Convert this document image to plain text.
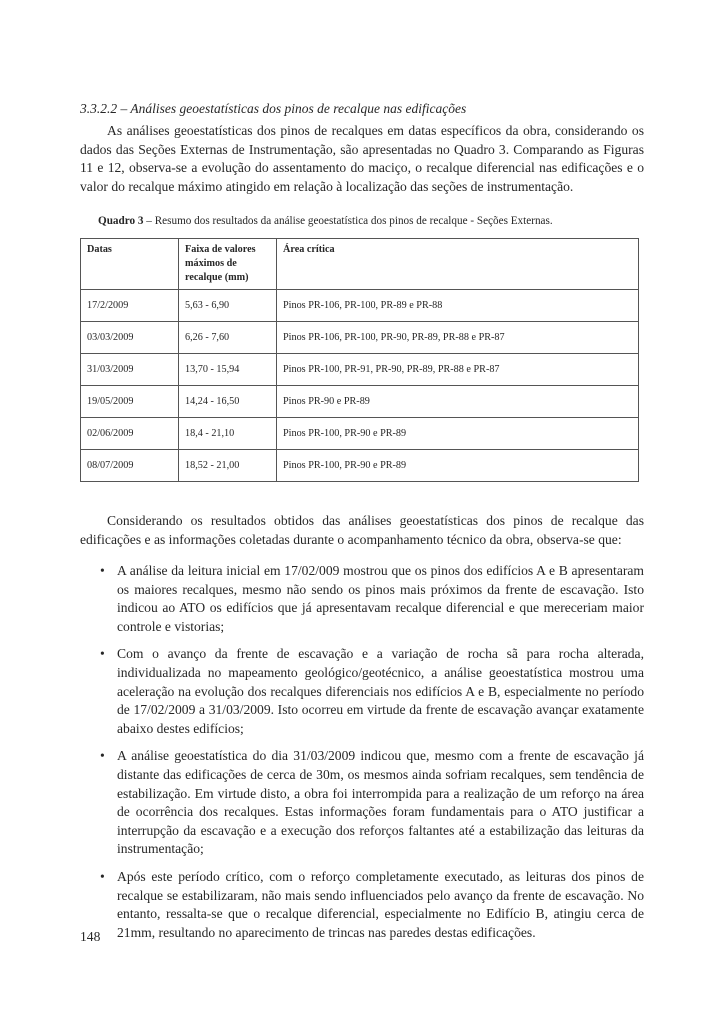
3.3.2.2 – Análises geoestatísticas dos pinos de recalque nas edificações

As análises geoestatísticas dos pinos de recalques em datas específicos da obra, considerando os dados das Seções Externas de Instrumentação, são apresentadas no Quadro 3. Comparando as Figuras 11 e 12, observa-se a evolução do assentamento do maciço, o recalque diferencial nas edificações e o valor do recalque máximo atingido em relação à localização das seções de instrumentação.

Quadro 3 – Resumo dos resultados da análise geoestatística dos pinos de recalque - Seções Externas.

Datas	Faixa de valores máximos de recalque (mm)	Área crítica
17/2/2009	5,63 - 6,90	Pinos PR-106, PR-100, PR-89 e PR-88
03/03/2009	6,26 - 7,60	Pinos PR-106, PR-100, PR-90, PR-89, PR-88 e PR-87
31/03/2009	13,70 - 15,94	Pinos PR-100, PR-91, PR-90, PR-89, PR-88 e PR-87
19/05/2009	14,24 - 16,50	Pinos PR-90 e PR-89
02/06/2009	18,4 - 21,10	Pinos PR-100, PR-90 e PR-89
08/07/2009	18,52 - 21,00	Pinos PR-100, PR-90 e PR-89

Considerando os resultados obtidos das análises geoestatísticas dos pinos de recalque das edificações e as informações coletadas durante o acompanhamento técnico da obra, observa-se que:

• A análise da leitura inicial em 17/02/009 mostrou que os pinos dos edifícios A e B apresentaram os maiores recalques, mesmo não sendo os pinos mais próximos da frente de escavação. Isto indicou ao ATO os edifícios que já apresentavam recalque diferencial e que mereceriam maior controle e vistorias;
• Com o avanço da frente de escavação e a variação de rocha sã para rocha alterada, individualizada no mapeamento geológico/geotécnico, a análise geoestatística mostrou uma aceleração na evolução dos recalques diferenciais nos edifícios A e B, especialmente no período de 17/02/2009 a 31/03/2009. Isto ocorreu em virtude da frente de escavação avançar exatamente abaixo destes edifícios;
• A análise geoestatística do dia 31/03/2009 indicou que, mesmo com a frente de escavação já distante das edificações de cerca de 30m, os mesmos ainda sofriam recalques, sem tendência de estabilização. Em virtude disto, a obra foi interrompida para a realização de um reforço na área de ocorrência dos recalques. Estas informações foram fundamentais para o ATO justificar a interrupção da escavação e a execução dos reforços faltantes até a estabilização das leituras da instrumentação;
• Após este período crítico, com o reforço completamente executado, as leituras dos pinos de recalque se estabilizaram, não mais sendo influenciados pelo avanço da frente de escavação. No entanto, ressalta-se que o recalque diferencial, especialmente no Edifício B, atingiu cerca de 21mm, resultando no aparecimento de trincas nas paredes destas edificações.

148
